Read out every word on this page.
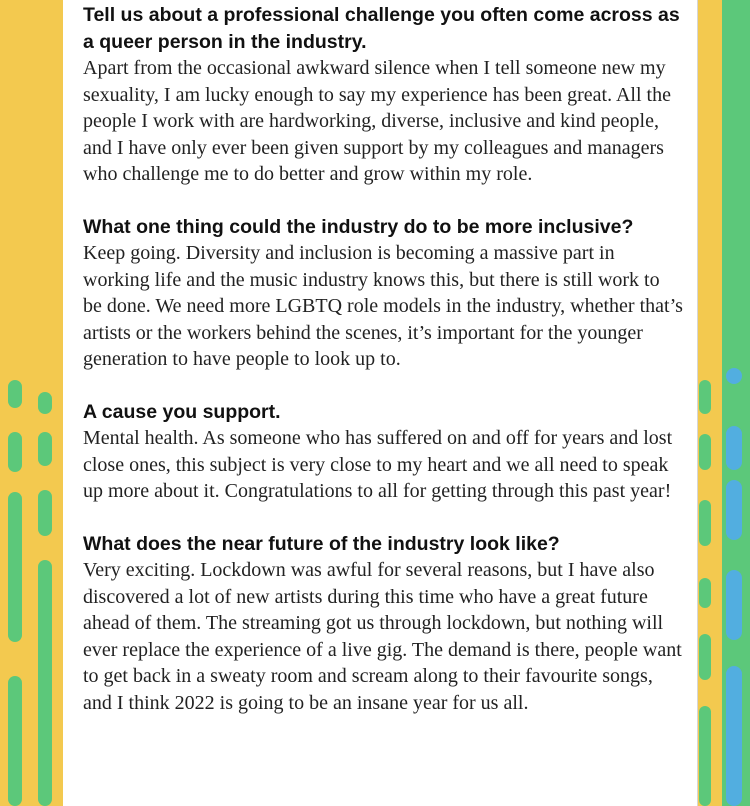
Tell us about a professional challenge you often come across as a queer person in the industry.

Apart from the occasional awkward silence when I tell someone new my sexuality, I am lucky enough to say my experience has been great. All the people I work with are hardworking, diverse, inclusive and kind people, and I have only ever been given support by my colleagues and managers who challenge me to do better and grow within my role.

What one thing could the industry do to be more inclusive?

Keep going. Diversity and inclusion is becoming a massive part in working life and the music industry knows this, but there is still work to be done. We need more LGBTQ role models in the industry, whether that’s artists or the workers behind the scenes, it’s important for the younger generation to have people to look up to.

A cause you support.

Mental health. As someone who has suffered on and off for years and lost close ones, this subject is very close to my heart and we all need to speak up more about it. Congratulations to all for getting through this past year!

What does the near future of the industry look like?

Very exciting. Lockdown was awful for several reasons, but I have also discovered a lot of new artists during this time who have a great future ahead of them. The streaming got us through lockdown, but nothing will ever replace the experience of a live gig. The demand is there, people want to get back in a sweaty room and scream along to their favourite songs, and I think 2022 is going to be an insane year for us all.
